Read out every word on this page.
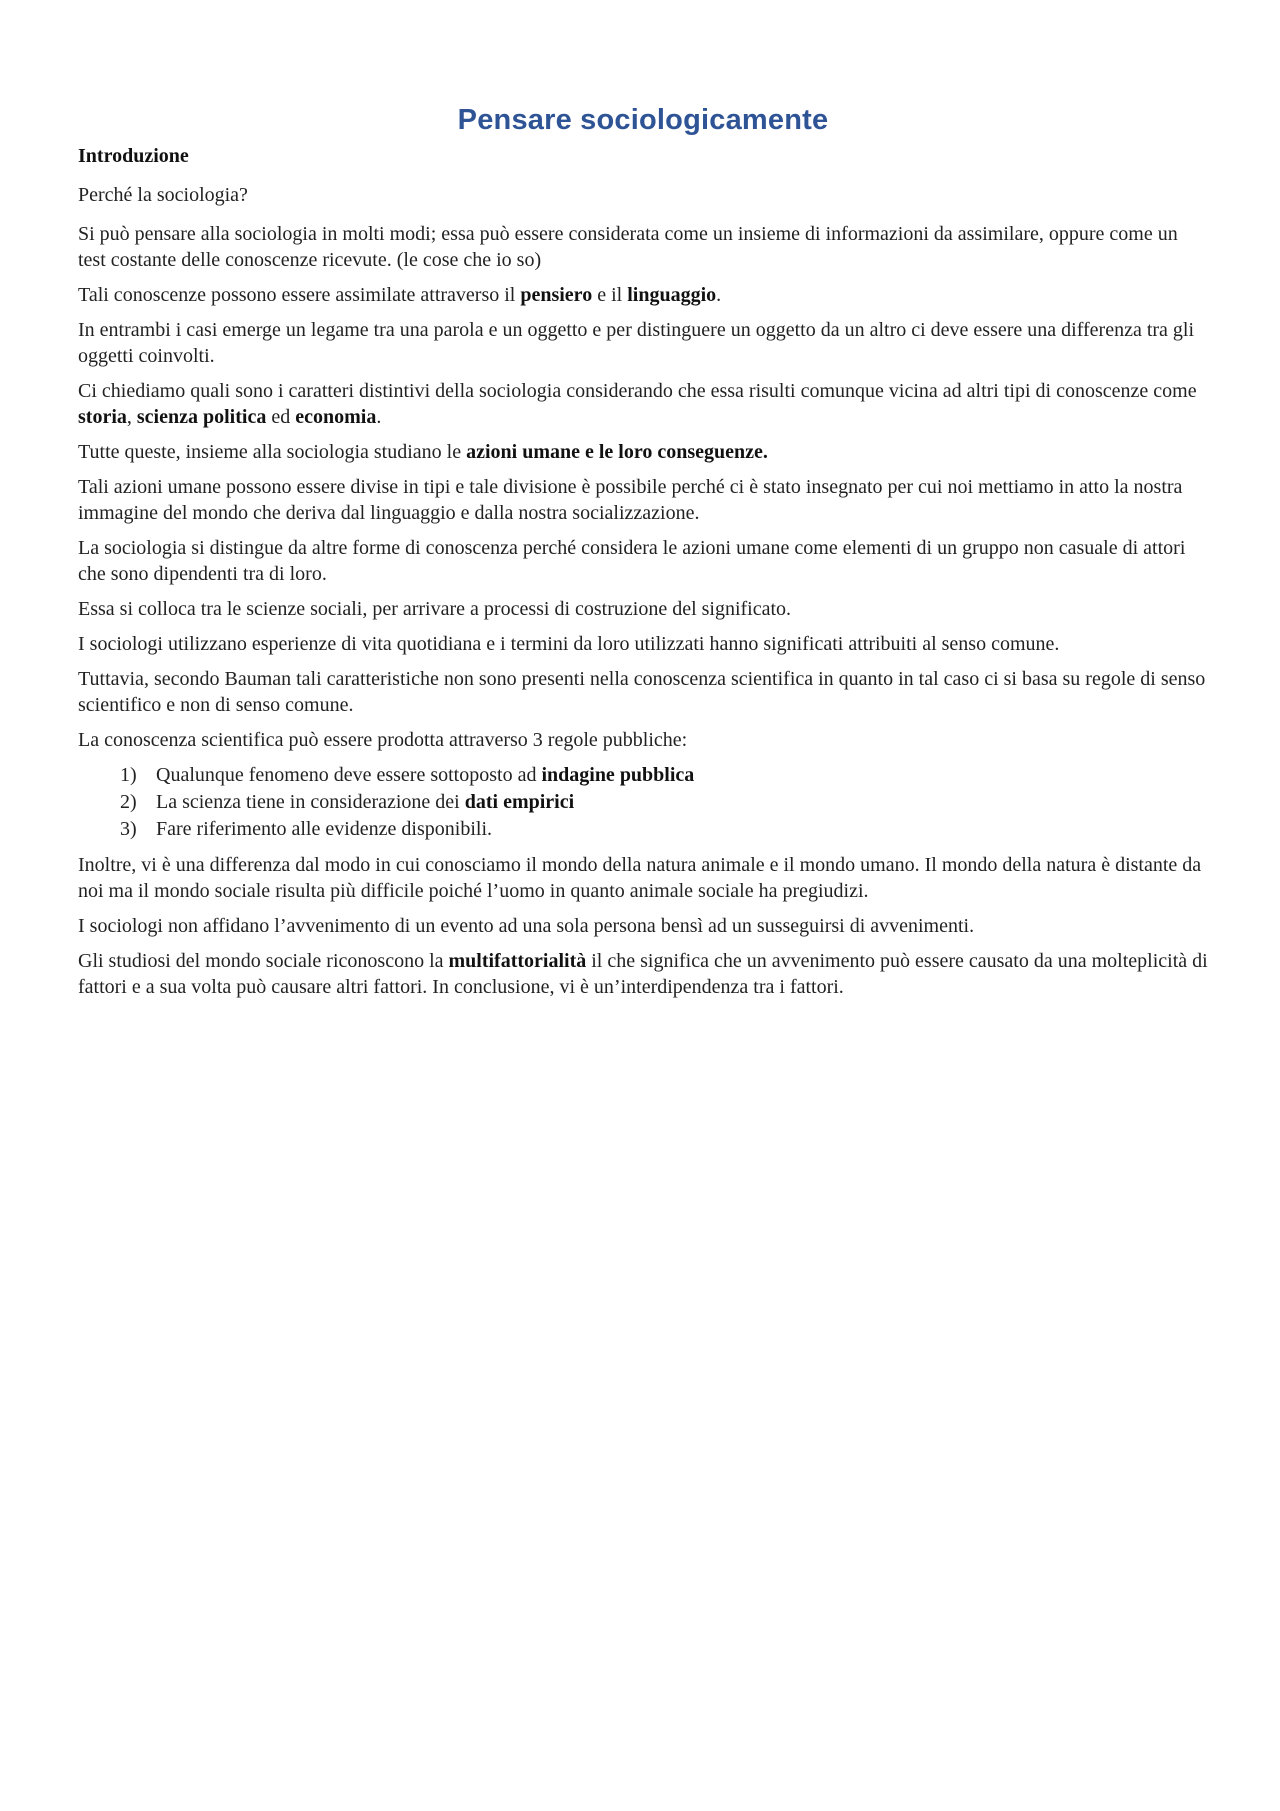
Pensare sociologicamente
Introduzione
Perché la sociologia?

Si può pensare alla sociologia in molti modi; essa può essere considerata come un insieme di informazioni da assimilare, oppure come un test costante delle conoscenze ricevute. (le cose che io so)

Tali conoscenze possono essere assimilate attraverso il pensiero e il linguaggio.

In entrambi i casi emerge un legame tra una parola e un oggetto e per distinguere un oggetto da un altro ci deve essere una differenza tra gli oggetti coinvolti.

Ci chiediamo quali sono i caratteri distintivi della sociologia considerando che essa risulti comunque vicina ad altri tipi di conoscenze come storia, scienza politica ed economia.

Tutte queste, insieme alla sociologia studiano le azioni umane e le loro conseguenze.

Tali azioni umane possono essere divise in tipi e tale divisione è possibile perché ci è stato insegnato per cui noi mettiamo in atto la nostra immagine del mondo che deriva dal linguaggio e dalla nostra socializzazione.

La sociologia si distingue da altre forme di conoscenza perché considera le azioni umane come elementi di un gruppo non casuale di attori che sono dipendenti tra di loro.

Essa si colloca tra le scienze sociali, per arrivare a processi di costruzione del significato.

I sociologi utilizzano esperienze di vita quotidiana e i termini da loro utilizzati hanno significati attribuiti al senso comune.

Tuttavia, secondo Bauman tali caratteristiche non sono presenti nella conoscenza scientifica in quanto in tal caso ci si basa su regole di senso scientifico e non di senso comune.

La conoscenza scientifica può essere prodotta attraverso 3 regole pubbliche:

1) Qualunque fenomeno deve essere sottoposto ad indagine pubblica
2) La scienza tiene in considerazione dei dati empirici
3) Fare riferimento alle evidenze disponibili.

Inoltre, vi è una differenza dal modo in cui conosciamo il mondo della natura animale e il mondo umano. Il mondo della natura è distante da noi ma il mondo sociale risulta più difficile poiché l’uomo in quanto animale sociale ha pregiudizi.

I sociologi non affidano l’avvenimento di un evento ad una sola persona bensì ad un susseguirsi di avvenimenti.

Gli studiosi del mondo sociale riconoscono la multifattorialità il che significa che un avvenimento può essere causato da una molteplicità di fattori e a sua volta può causare altri fattori. In conclusione, vi è un’interdipendenza tra i fattori.
